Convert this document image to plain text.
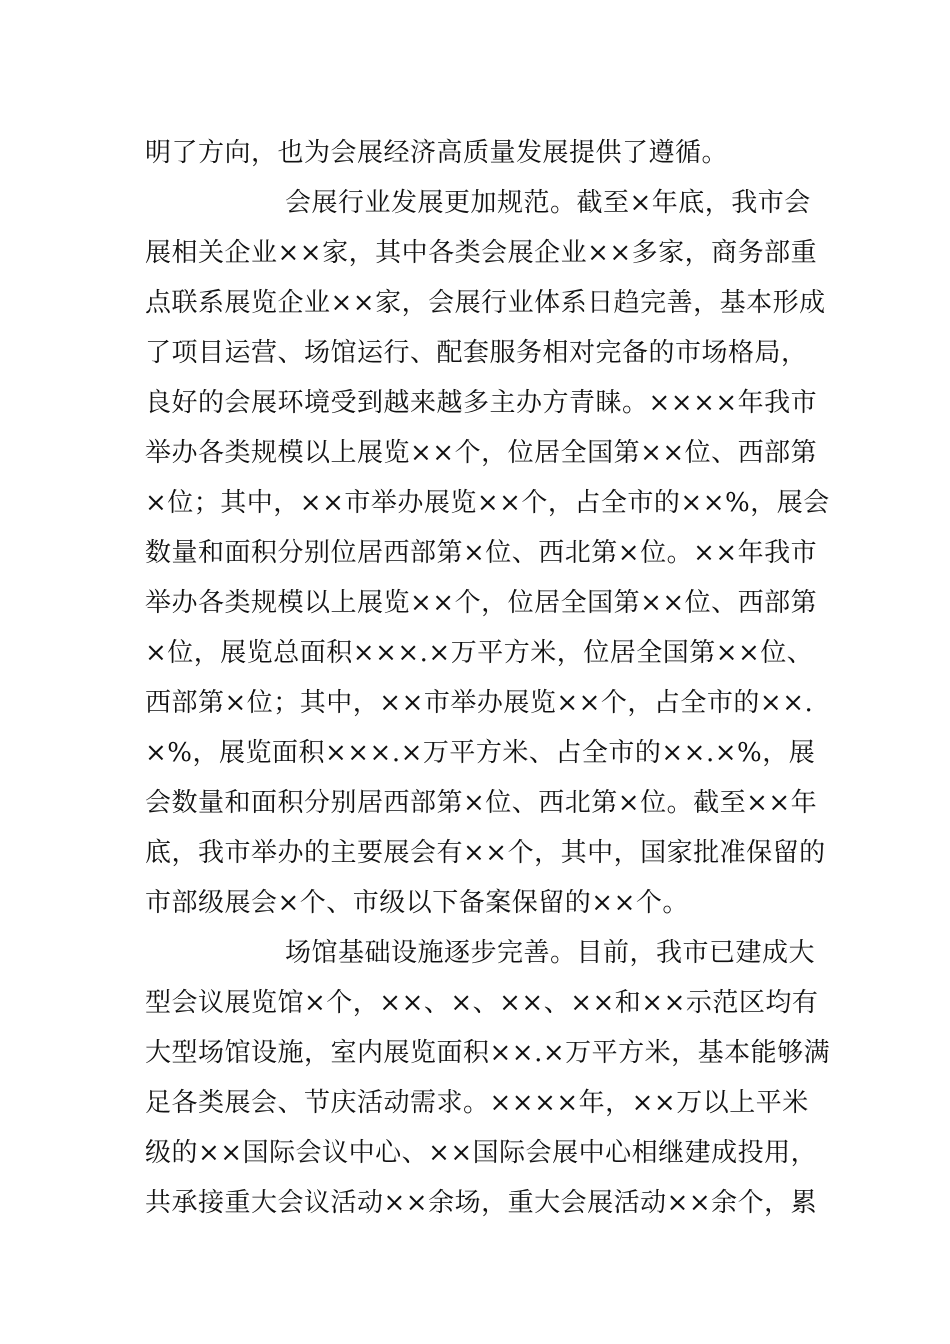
明了方向，也为会展经济高质量发展提供了遵循。
会展行业发展更加规范。截至×年底，我市会
展相关企业××家，其中各类会展企业××多家，商务部重
点联系展览企业××家，会展行业体系日趋完善，基本形成
了项目运营、场馆运行、配套服务相对完备的市场格局，
良好的会展环境受到越来越多主办方青睐。××××年我市
举办各类规模以上展览××个，位居全国第××位、西部第
×位；其中，××市举办展览××个，占全市的××%，展会
数量和面积分别位居西部第×位、西北第×位。××年我市
举办各类规模以上展览××个，位居全国第××位、西部第
×位，展览总面积×××.×万平方米，位居全国第××位、
西部第×位；其中，××市举办展览××个，占全市的××.
×%，展览面积×××.×万平方米、占全市的××.×%，展
会数量和面积分别居西部第×位、西北第×位。截至××年
底，我市举办的主要展会有××个，其中，国家批准保留的
市部级展会×个、市级以下备案保留的××个。
场馆基础设施逐步完善。目前，我市已建成大
型会议展览馆×个，××、×、××、××和××示范区均有
大型场馆设施，室内展览面积××.×万平方米，基本能够满
足各类展会、节庆活动需求。××××年，××万以上平米
级的××国际会议中心、××国际会展中心相继建成投用，
共承接重大会议活动××余场，重大会展活动××余个，累
